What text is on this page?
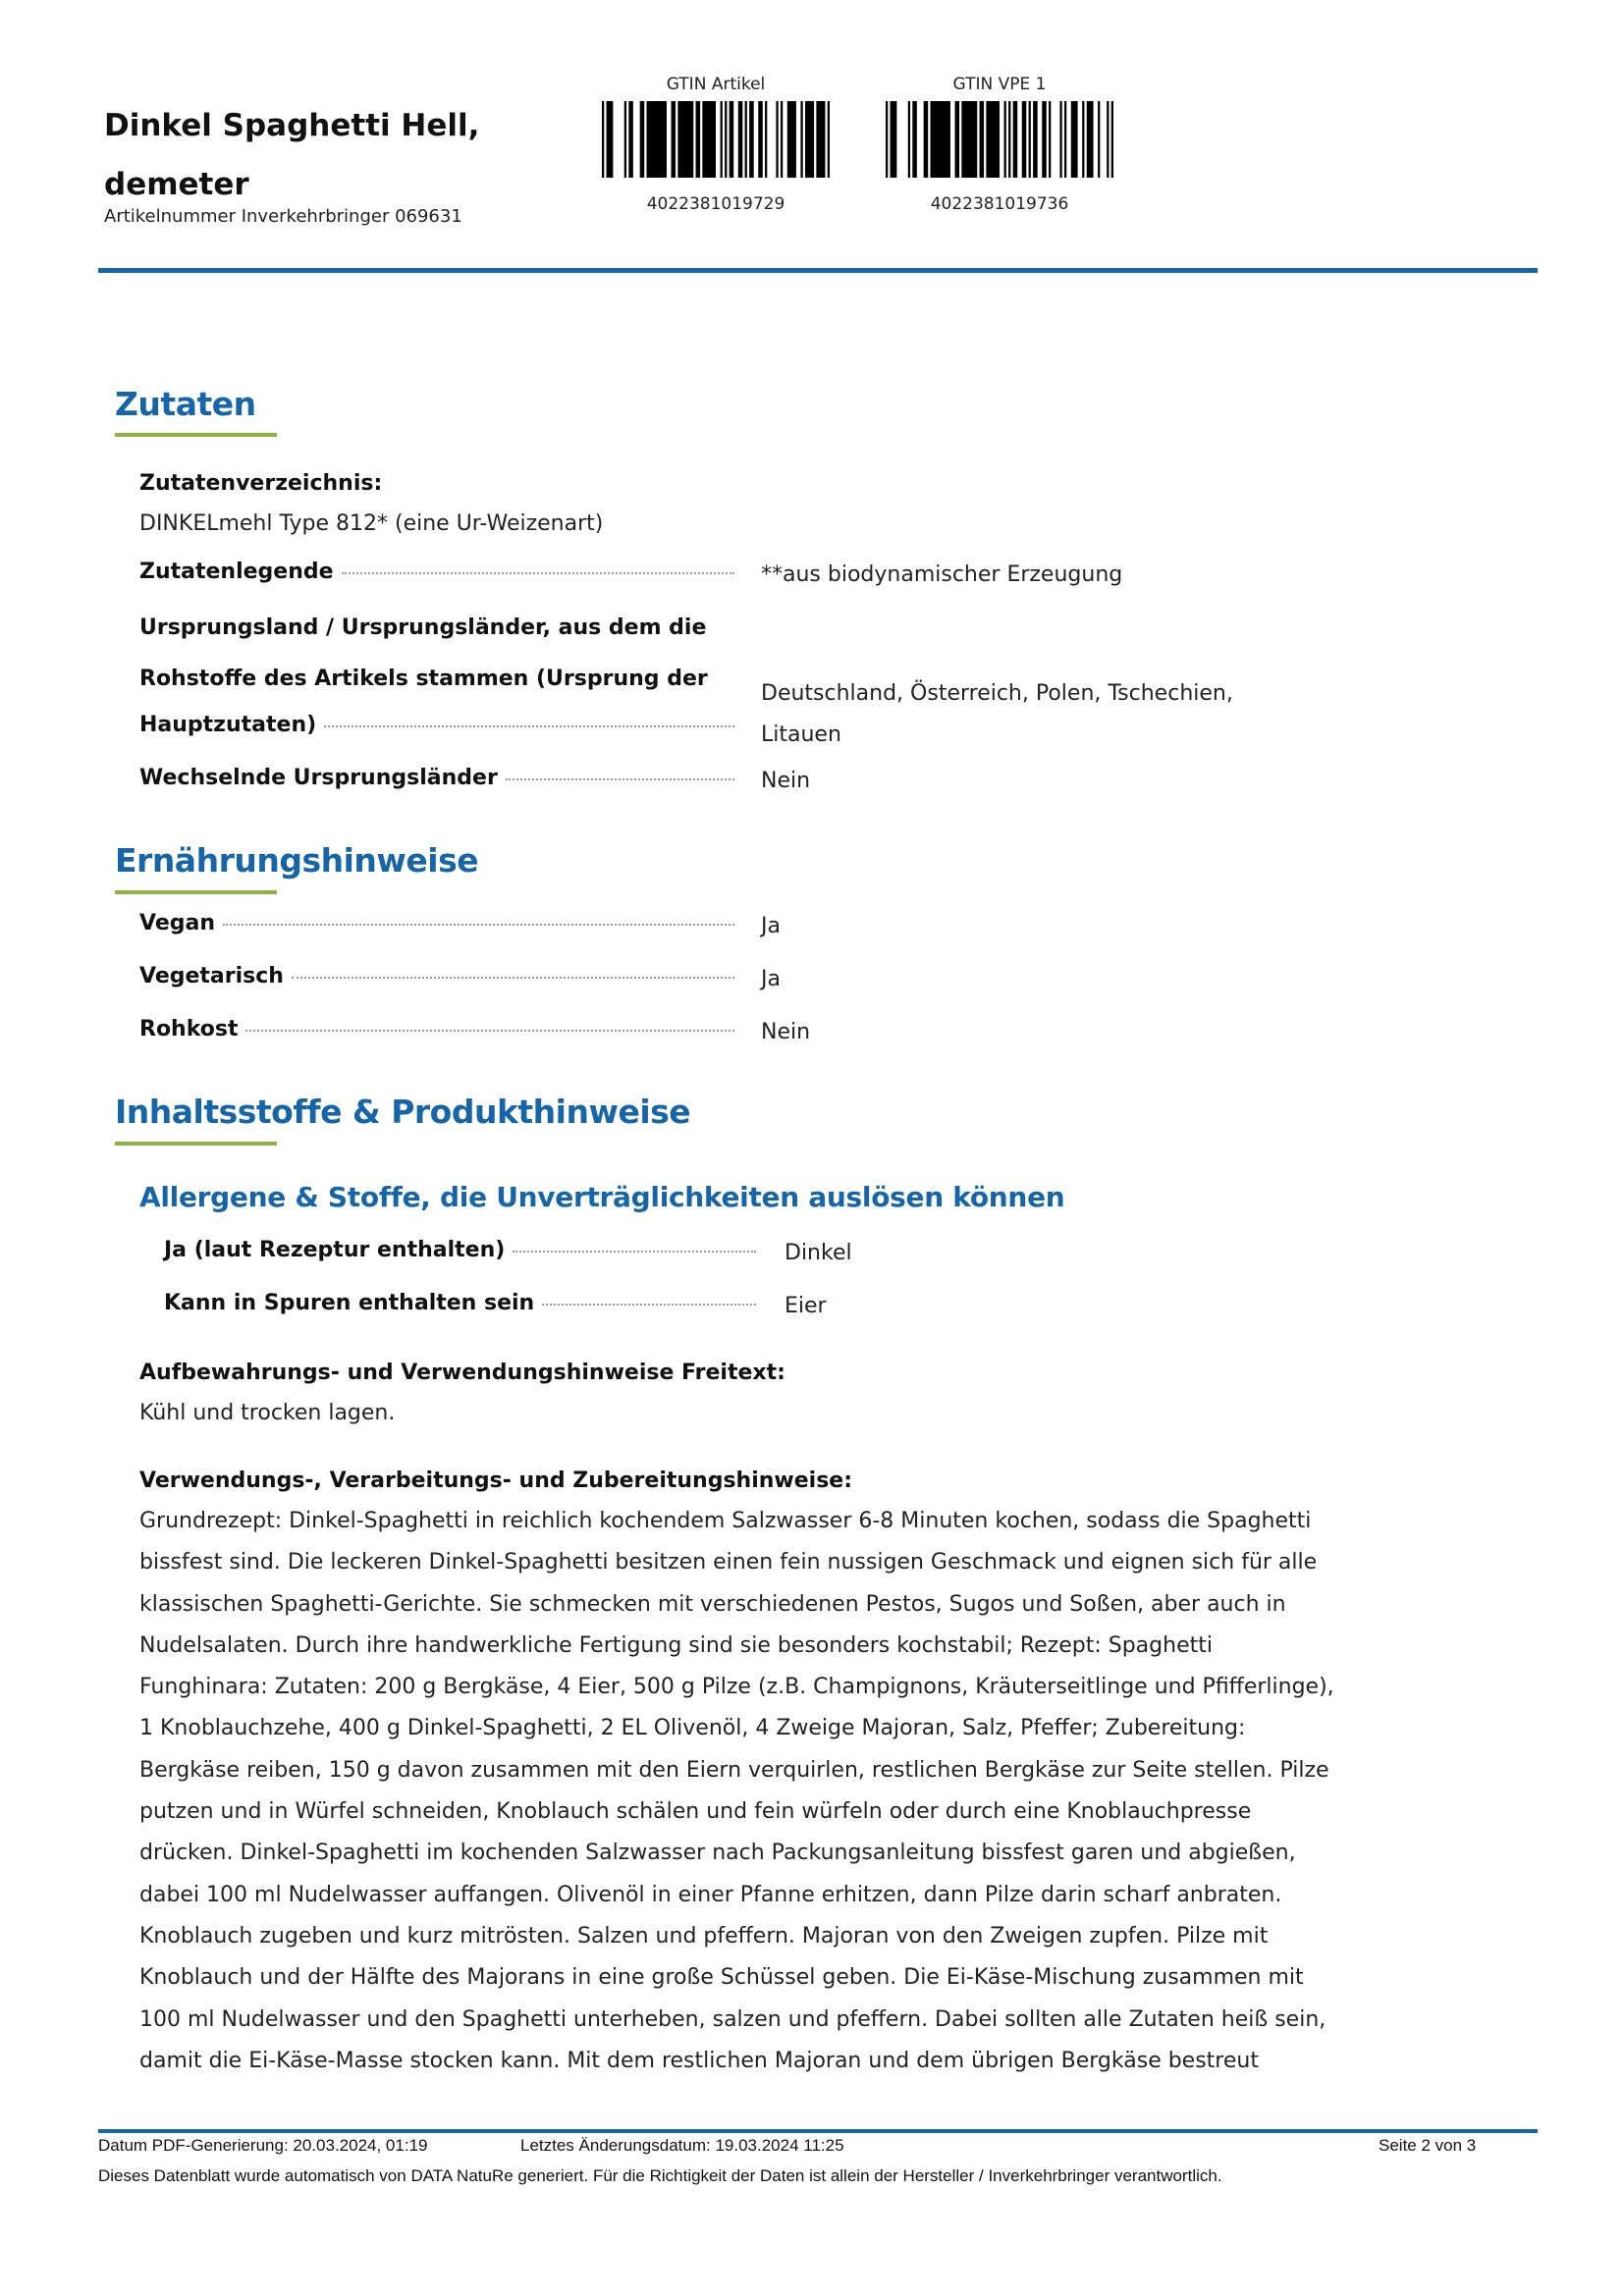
Dinkel Spaghetti Hell, demeter
Artikelnummer Inverkehrbringer 069631
GTIN Artikel
4022381019729
GTIN VPE 1
4022381019736
Zutaten
Zutatenverzeichnis:
DINKELmehl Type 812* (eine Ur-Weizenart)
Zutatenlegende	**aus biodynamischer Erzeugung
Ursprungsland / Ursprungsländer, aus dem die
Rohstoffe des Artikels stammen (Ursprung der
Hauptzutaten)
Deutschland, Österreich, Polen, Tschechien,
Litauen
Wechselnde Ursprungsländer	Nein
Ernährungshinweise
Vegan	Ja
Vegetarisch	Ja
Rohkost	Nein
Inhaltsstoffe & Produkthinweise
Allergene & Stoffe, die Unverträglichkeiten auslösen können
Ja (laut Rezeptur enthalten)	Dinkel
Kann in Spuren enthalten sein	Eier
Aufbewahrungs- und Verwendungshinweise Freitext:
Kühl und trocken lagen.
Verwendungs-, Verarbeitungs- und Zubereitungshinweise:
Grundrezept: Dinkel-Spaghetti in reichlich kochendem Salzwasser 6-8 Minuten kochen, sodass die Spaghetti
bissfest sind. Die leckeren Dinkel-Spaghetti besitzen einen fein nussigen Geschmack und eignen sich für alle
klassischen Spaghetti-Gerichte. Sie schmecken mit verschiedenen Pestos, Sugos und Soßen, aber auch in
Nudelsalaten. Durch ihre handwerkliche Fertigung sind sie besonders kochstabil; Rezept: Spaghetti
Funghinara: Zutaten: 200 g Bergkäse, 4 Eier, 500 g Pilze (z.B. Champignons, Kräuterseitlinge und Pfifferlinge),
1 Knoblauchzehe, 400 g Dinkel-Spaghetti, 2 EL Olivenöl, 4 Zweige Majoran, Salz, Pfeffer; Zubereitung:
Bergkäse reiben, 150 g davon zusammen mit den Eiern verquirlen, restlichen Bergkäse zur Seite stellen. Pilze
putzen und in Würfel schneiden, Knoblauch schälen und fein würfeln oder durch eine Knoblauchpresse
drücken. Dinkel-Spaghetti im kochenden Salzwasser nach Packungsanleitung bissfest garen und abgießen,
dabei 100 ml Nudelwasser auffangen. Olivenöl in einer Pfanne erhitzen, dann Pilze darin scharf anbraten.
Knoblauch zugeben und kurz mitrösten. Salzen und pfeffern. Majoran von den Zweigen zupfen. Pilze mit
Knoblauch und der Hälfte des Majorans in eine große Schüssel geben. Die Ei-Käse-Mischung zusammen mit
100 ml Nudelwasser und den Spaghetti unterheben, salzen und pfeffern. Dabei sollten alle Zutaten heiß sein,
damit die Ei-Käse-Masse stocken kann. Mit dem restlichen Majoran und dem übrigen Bergkäse bestreut
Datum PDF-Generierung: 20.03.2024, 01:19	Letztes Änderungsdatum: 19.03.2024 11:25	Seite 2 von 3
Dieses Datenblatt wurde automatisch von DATA NatuRe generiert. Für die Richtigkeit der Daten ist allein der Hersteller / Inverkehrbringer verantwortlich.
